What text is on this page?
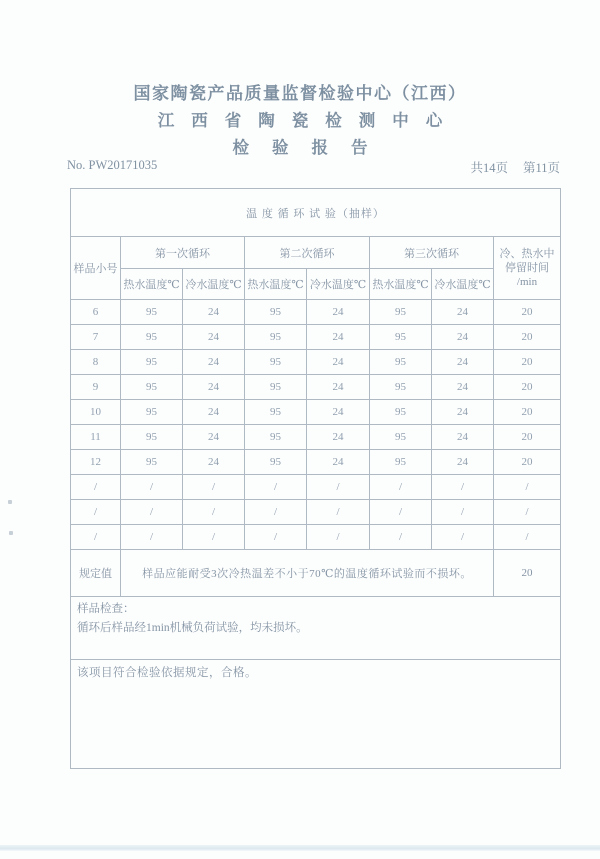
国家陶瓷产品质量监督检验中心（江西）
江西省陶瓷检测中心
检验报告
No. PW20171035	共14页 第11页
温 度 循 环 试 验（抽样）							
样品小号	第一次循环		第二次循环		第三次循环		冷、热水中
停留时间
/min
	热水温度℃	冷水温度℃	热水温度℃	冷水温度℃	热水温度℃	冷水温度℃	
6	95	24	95	24	95	24	20
7	95	24	95	24	95	24	20
8	95	24	95	24	95	24	20
9	95	24	95	24	95	24	20
10	95	24	95	24	95	24	20
11	95	24	95	24	95	24	20
12	95	24	95	24	95	24	20
/	/	/	/	/	/	/	/
/	/	/	/	/	/	/	/
/	/	/	/	/	/	/	/
规定值	样品应能耐受3次冷热温差不小于70℃的温度循环试验而不损坏。						20

样品检查：
循环后样品经1min机械负荷试验，均未损坏。							

该项目符合检验依据规定，合格。							
